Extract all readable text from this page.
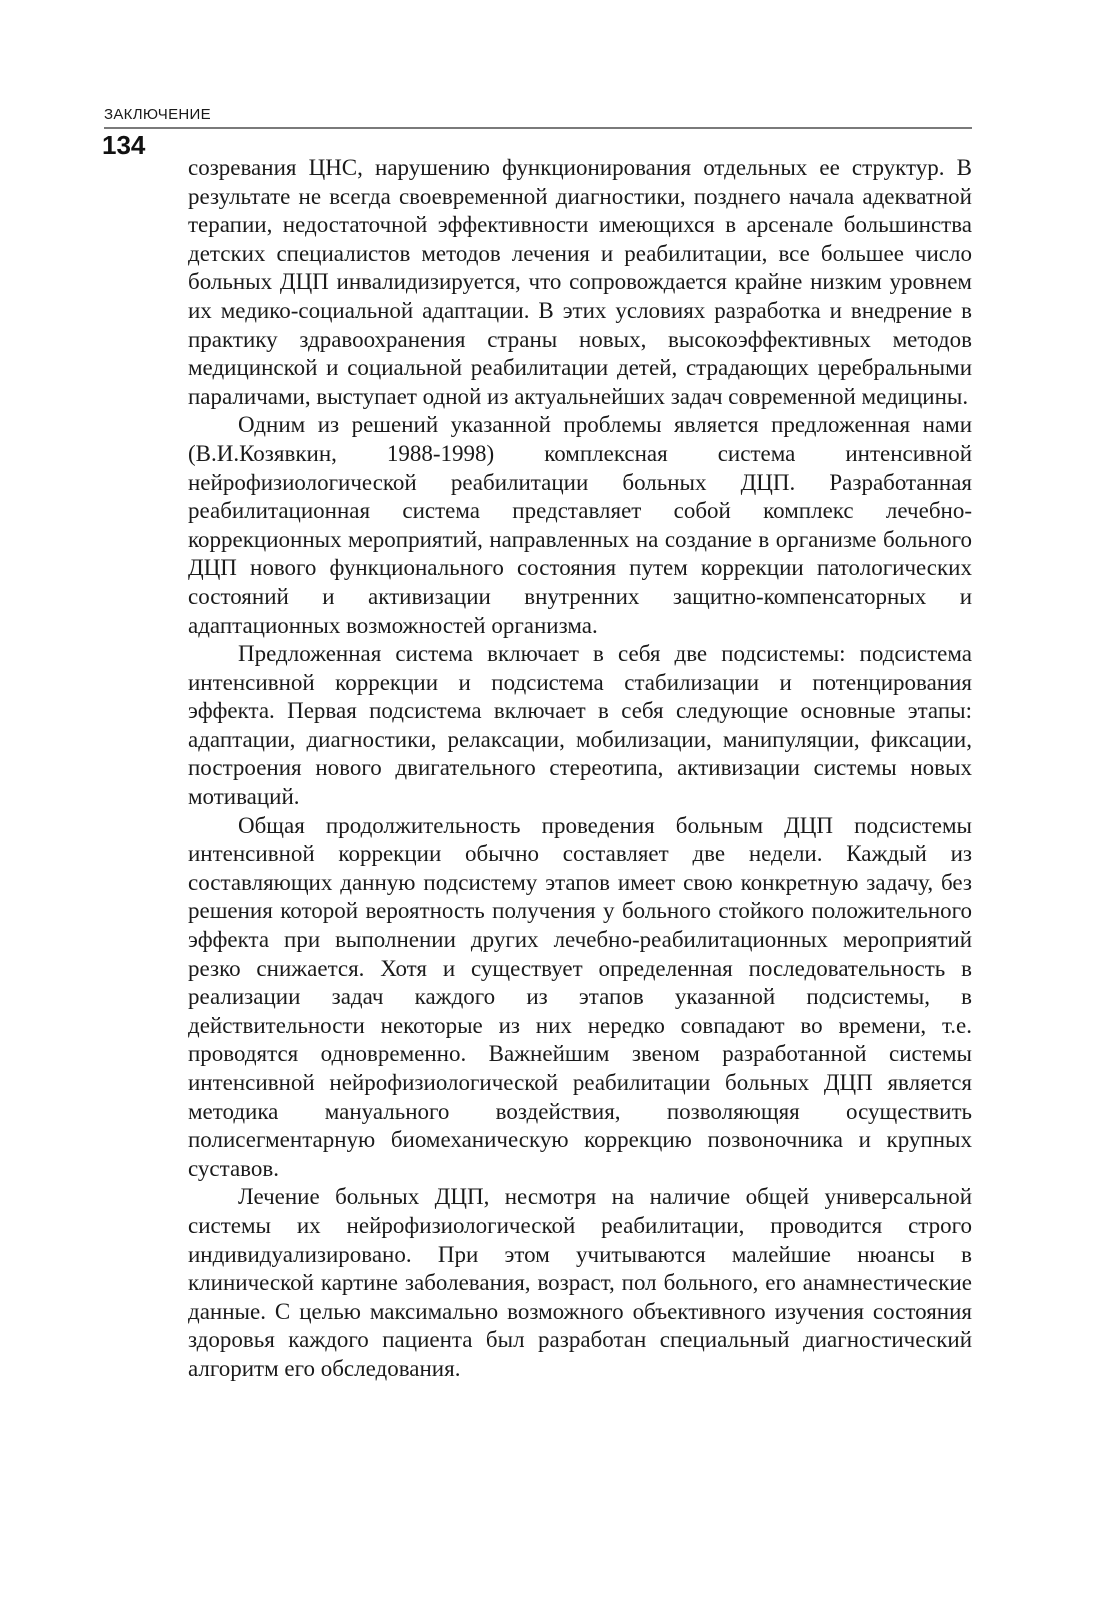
ЗАКЛЮЧЕНИЕ
134

созревания ЦНС, нарушению функционирования отдельных ее структур. В результате не всегда своевременной диагностики, позднего начала адекватной терапии, недостаточной эффективности имеющихся в арсенале большинства детских специалистов методов лечения и реабилитации, все большее число больных ДЦП инвалидизируется, что сопровождается крайне низким уровнем их медико-социальной адаптации. В этих условиях разработка и внедрение в практику здравоохранения страны новых, высокоэффективных методов медицинской и социальной реабилитации детей, страдающих церебральными параличами, выступает одной из актуальнейших задач современной медицины.

Одним из решений указанной проблемы является предложенная нами (В.И.Козявкин, 1988-1998) комплексная система интенсивной нейрофизиологической реабилитации больных ДЦП. Разработанная реабилитационная система представляет собой комплекс лечебно-коррекционных мероприятий, направленных на создание в организме больного ДЦП нового функционального состояния путем коррекции патологических состояний и активизации внутренних защитно-компенсаторных и адаптационных возможностей организма.

Предложенная система включает в себя две подсистемы: подсистема интенсивной коррекции и подсистема стабилизации и потенцирования эффекта. Первая подсистема включает в себя следующие основные этапы: адаптации, диагностики, релаксации, мобилизации, манипуляции, фиксации, построения нового двигательного стереотипа, активизации системы новых мотиваций.

Общая продолжительность проведения больным ДЦП подсистемы интенсивной коррекции обычно составляет две недели. Каждый из составляющих данную подсистему этапов имеет свою конкретную задачу, без решения которой вероятность получения у больного стойкого положительного эффекта при выполнении других лечебно-реабилитационных мероприятий резко снижается. Хотя и существует определенная последовательность в реализации задач каждого из этапов указанной подсистемы, в действительности некоторые из них нередко совпадают во времени, т.е. проводятся одновременно. Важнейшим звеном разработанной системы интенсивной нейрофизиологической реабилитации больных ДЦП является методика мануального воздействия, позволяющяя осуществить полисегментарную биомеханическую коррекцию позвоночника и крупных суставов.

Лечение больных ДЦП, несмотря на наличие общей универсальной системы их нейрофизиологической реабилитации, проводится строго индивидуализировано. При этом учитываются малейшие нюансы в клинической картине заболевания, возраст, пол больного, его анамнестические данные. С целью максимально возможного объективного изучения состояния здоровья каждого пациента был разработан специальный диагностический алгоритм его обследования.
